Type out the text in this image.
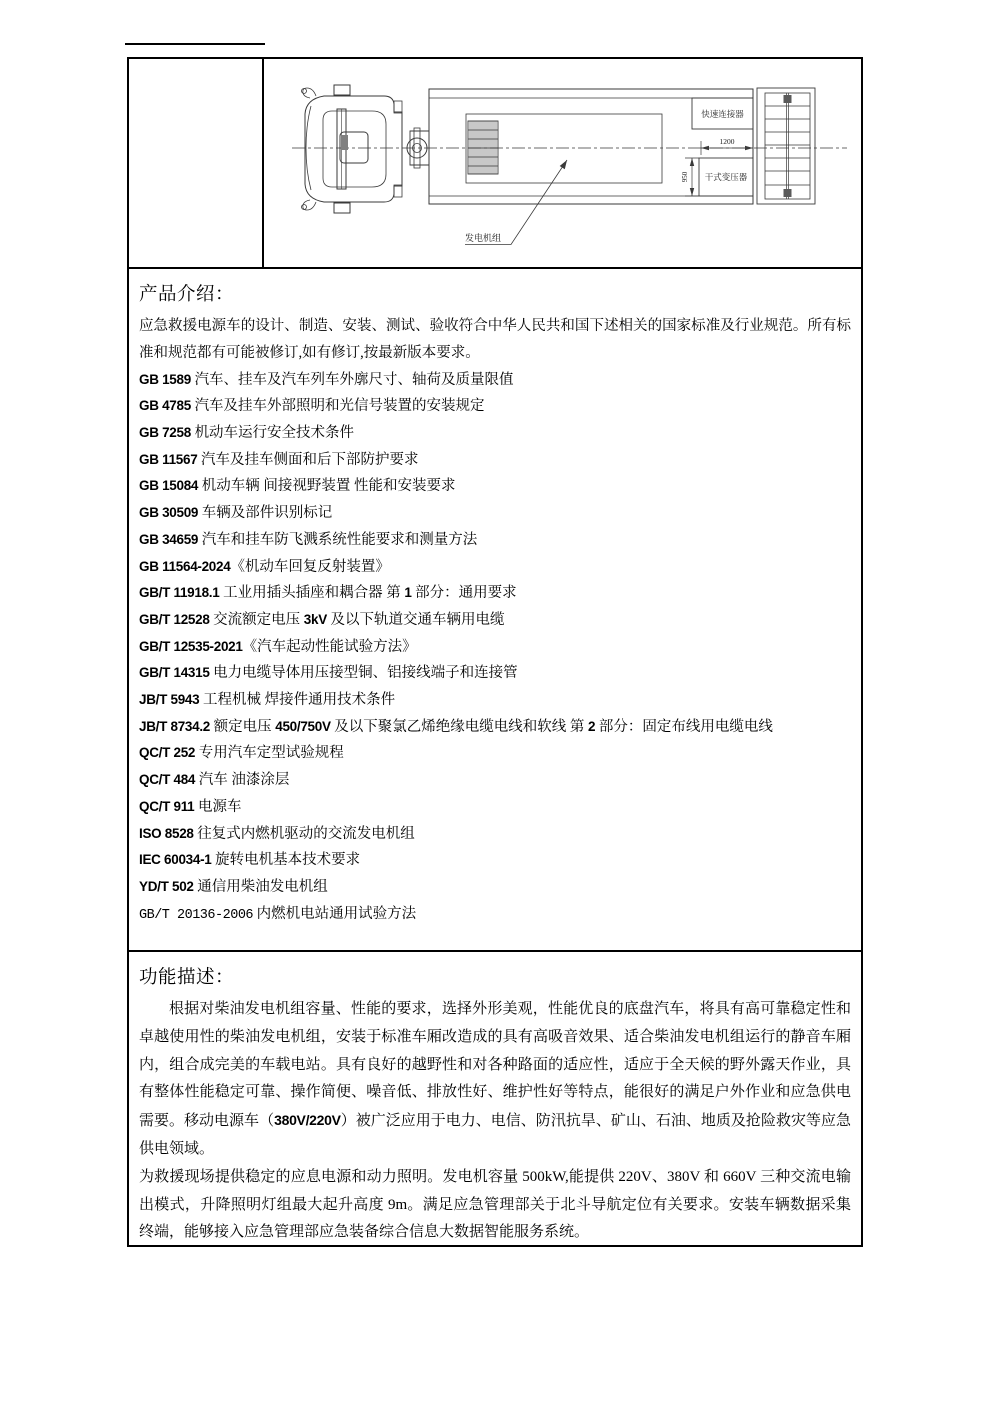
快速连接器
干式变压器
1200
950
发电机组
产品介绍：

应急救援电源车的设计、制造、安装、测试、验收符合中华人民共和国下述相关的国家标准及行业规范。所有标准和规范都有可能被修订,如有修订,按最新版本要求。

GB 1589 汽车、挂车及汽车列车外廓尺寸、轴荷及质量限值
GB 4785 汽车及挂车外部照明和光信号装置的安装规定
GB 7258 机动车运行安全技术条件
GB 11567 汽车及挂车侧面和后下部防护要求
GB 15084 机动车辆 间接视野装置 性能和安装要求
GB 30509 车辆及部件识别标记
GB 34659 汽车和挂车防飞溅系统性能要求和测量方法
GB 11564-2024《机动车回复反射装置》
GB/T 11918.1 工业用插头插座和耦合器 第 1 部分：通用要求
GB/T 12528 交流额定电压 3kV 及以下轨道交通车辆用电缆
GB/T 12535-2021《汽车起动性能试验方法》
GB/T 14315 电力电缆导体用压接型铜、铝接线端子和连接管
JB/T 5943 工程机械 焊接件通用技术条件
JB/T 8734.2 额定电压 450/750V 及以下聚氯乙烯绝缘电缆电线和软线 第 2 部分：固定布线用电缆电线
QC/T 252 专用汽车定型试验规程
QC/T 484 汽车 油漆涂层
QC/T 911 电源车
ISO 8528 往复式内燃机驱动的交流发电机组
IEC 60034-1 旋转电机基本技术要求
YD/T 502 通信用柴油发电机组
GB/T 20136-2006 内燃机电站通用试验方法
功能描述：

根据对柴油发电机组容量、性能的要求，选择外形美观，性能优良的底盘汽车，将具有高可靠稳定性和卓越使用性的柴油发电机组，安装于标准车厢改造成的具有高吸音效果、适合柴油发电机组运行的静音车厢内，组合成完美的车载电站。具有良好的越野性和对各种路面的适应性，适应于全天候的野外露天作业，具有整体性能稳定可靠、操作简便、噪音低、排放性好、维护性好等特点，能很好的满足户外作业和应急供电需要。移动电源车（380V/220V）被广泛应用于电力、电信、防汛抗旱、矿山、石油、地质及抢险救灾等应急供电领域。

为救援现场提供稳定的应息电源和动力照明。发电机容量 500kW,能提供 220V、380V 和 660V 三种交流电输出模式，升降照明灯组最大起升高度 9m。满足应急管理部关于北斗导航定位有关要求。安装车辆数据采集终端，能够接入应急管理部应急装备综合信息大数据智能服务系统。
